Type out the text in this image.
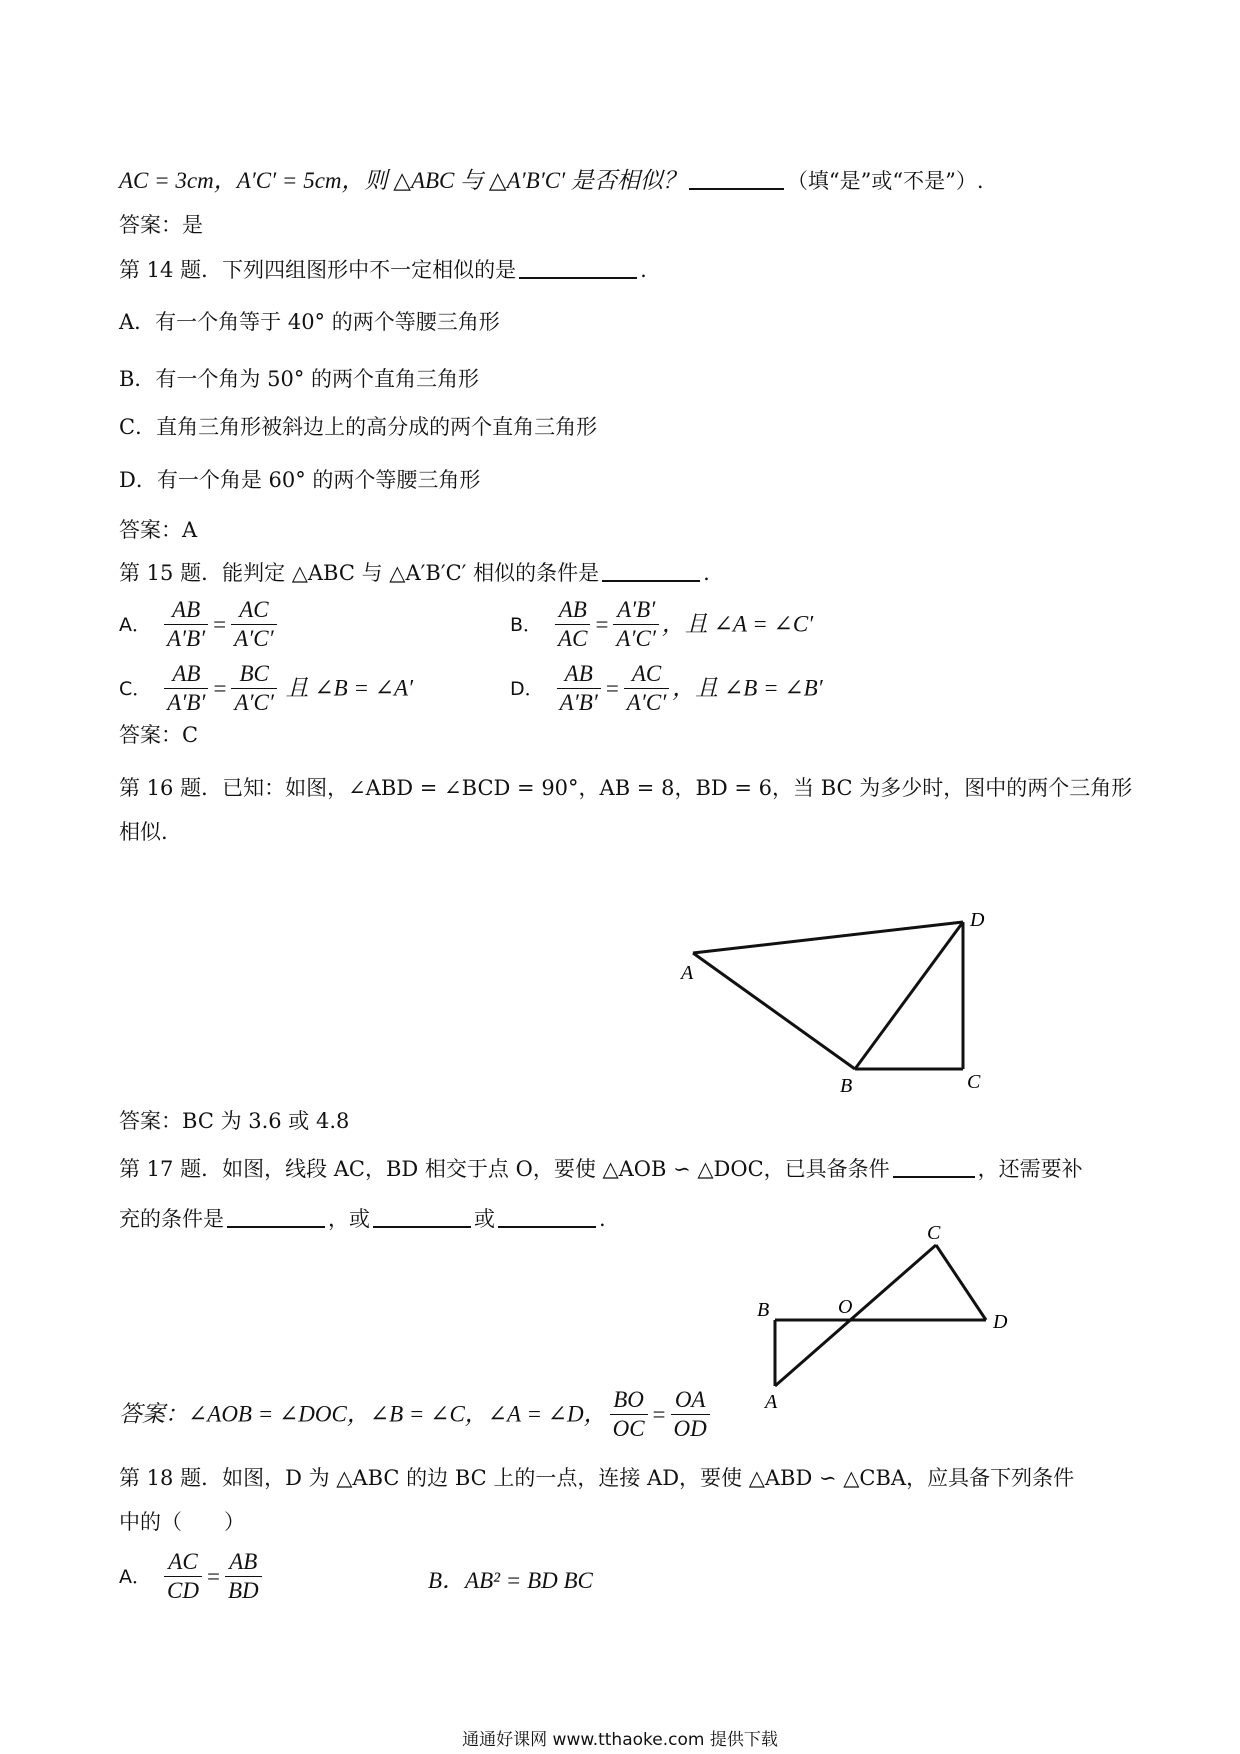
AC = 3cm，A′C′ = 5cm，则 △ABC 与 △A′B′C′ 是否相似？	（填“是”或“不是”）.
答案：是
第 14 题．下列四组图形中不一定相似的是	.
A．有一个角等于 40° 的两个等腰三角形
B．有一个角为 50° 的两个直角三角形
C．直角三角形被斜边上的高分成的两个直角三角形
D．有一个角是 60° 的两个等腰三角形
答案：A
第 15 题．能判定 △ABC 与 △A′B′C′ 相似的条件是	.
A． $\frac{AB}{A'B'} = \frac{AC}{A'C'}$	B． $\frac{AB}{AC} = \frac{A'B'}{A'C'}$ ，且 ∠A = ∠C′
C． $\frac{AB}{A'B'} = \frac{BC}{A'C'}$ 且 ∠B = ∠A′	D． $\frac{AB}{A'B'} = \frac{AC}{A'C'}$ ，且 ∠B = ∠B′
答案：C
第 16 题．已知：如图，∠ABD = ∠BCD = 90°，AB = 8，BD = 6，当 BC 为多少时，图中的两个三角形
相似.
A
B	C
D
B	O
C
D
A
答案：BC 为 3.6 或 4.8
第 17 题．如图，线段 AC，BD 相交于点 O，要使 △AOB ∽ △DOC，已具备条件	，还需要补
充的条件是	，或	或	.
答案：∠AOB = ∠DOC，∠B = ∠C，∠A = ∠D， $\frac{BO}{OC} = \frac{OA}{OD}$
第 18 题．如图，D 为 △ABC 的边 BC 上的一点，连接 AD，要使 △ABD ∽ △CBA，应具备下列条件
中的（　　）
A． $\frac{AC}{CD} = \frac{AB}{BD}$	B．AB² = BD BC
通通好课网 www.tthaoke.com 提供下载
